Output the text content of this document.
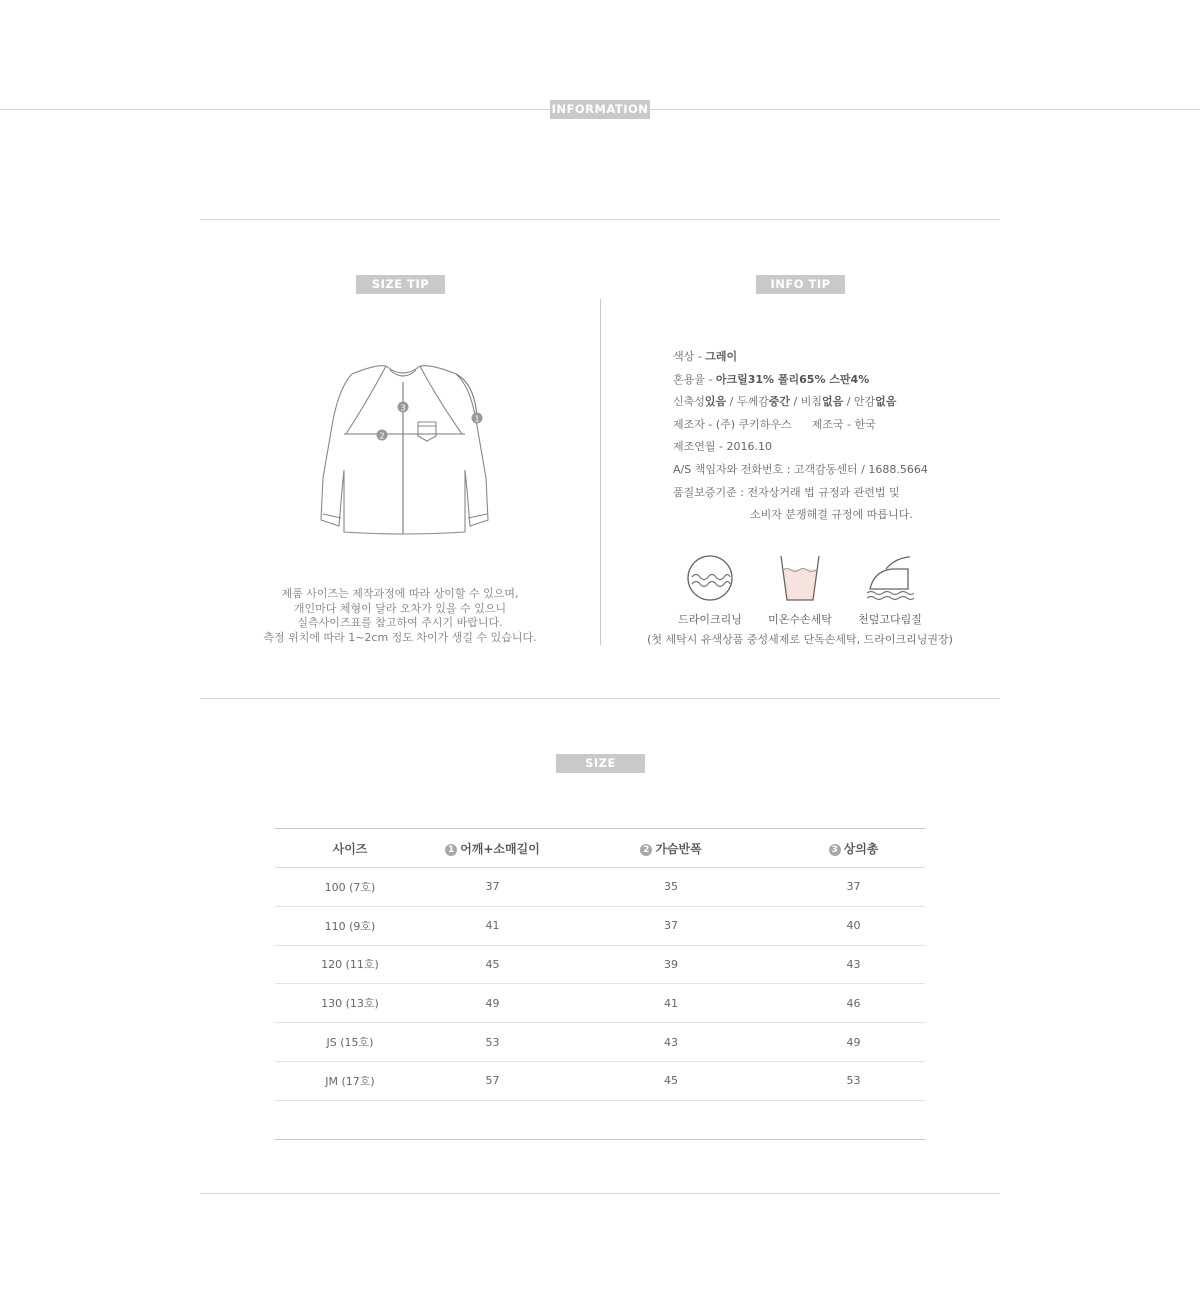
INFORMATION
SIZE TIP
3
2
1
제품 사이즈는 제작과정에 따라 상이할 수 있으며,
개인마다 체형이 달라 오차가 있을 수 있으니
실측사이즈표를 참고하여 주시기 바랍니다.
측정 위치에 따라 1~2cm 정도 차이가 생길 수 있습니다.
INFO TIP
색상 - 그레이
혼용율 - 아크릴31% 폴리65% 스판4%
신축성있음 / 두께감중간 / 비침없음 / 안감없음
제조자 - (주) 쿠키하우스 제조국 - 한국
제조연월 - 2016.10
A/S 책임자와 전화번호 : 고객감동센터 / 1688.5664
품질보증기준 : 전자상거래 법 규정과 관련법 및
소비자 분쟁해결 규정에 따릅니다.
드라이크리닝	미온수손세탁	천덮고다림질
(첫 세탁시 유색상품 중성세제로 단독손세탁, 드라이크리닝권장)
SIZE
사이즈	1 어깨+소매길이	2 가슴반폭	3 상의총
100 (7호)	37	35	37
110 (9호)	41	37	40
120 (11호)	45	39	43
130 (13호)	49	41	46
JS (15호)	53	43	49
JM (17호)	57	45	53
